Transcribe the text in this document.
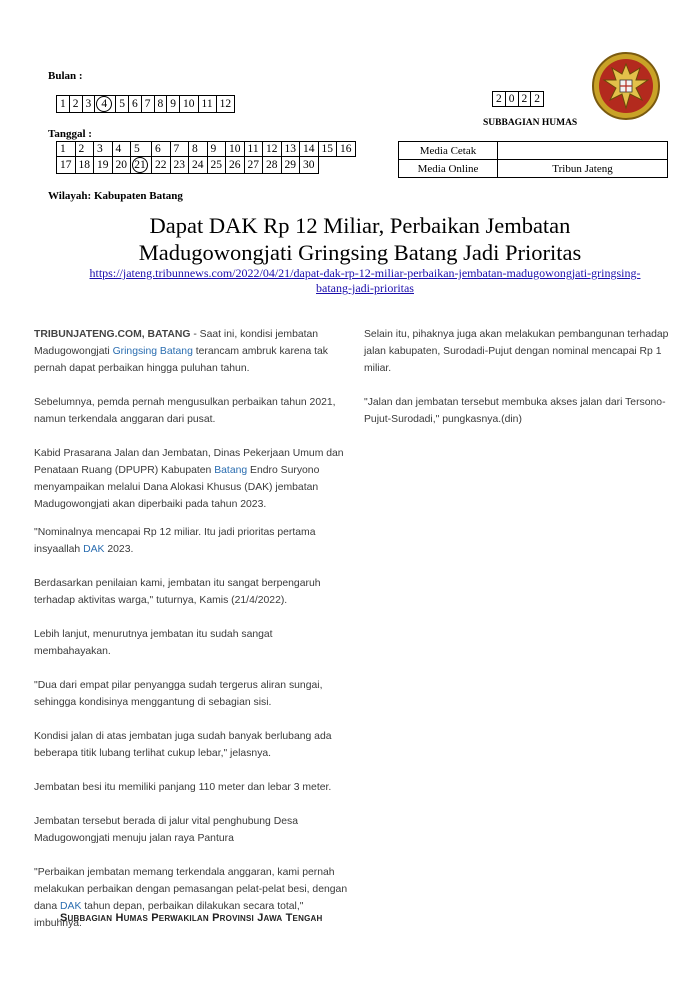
Bulan :
1	2	3	4	5	6	7	8	9	10	11	12	2	0	2	2
SUBBAGIAN HUMAS
Tanggal :
1	2	3	4	5	6	7	8	9	10	11	12	13	14	15	16
17	18	19	20	21	22	23	24	25	26	27	28	29	30		
Media Cetak	
Media Online	Tribun Jateng
Wilayah: Kabupaten Batang
Dapat DAK Rp 12 Miliar, Perbaikan Jembatan
Madugowongjati Gringsing Batang Jadi Prioritas
https://jateng.tribunnews.com/2022/04/21/dapat-dak-rp-12-miliar-perbaikan-jembatan-madugowongjati-gringsing-
batang-jadi-prioritas

TRIBUNJATENG.COM, BATANG - Saat ini, kondisi jembatan Madugowongjati Gringsing Batang terancam ambruk karena tak pernah dapat perbaikan hingga puluhan tahun.

Sebelumnya, pemda pernah mengusulkan perbaikan tahun 2021, namun terkendala anggaran dari pusat.

Kabid Prasarana Jalan dan Jembatan, Dinas Pekerjaan Umum dan Penataan Ruang (DPUPR) Kabupaten Batang Endro Suryono menyampaikan melalui Dana Alokasi Khusus (DAK) jembatan Madugowongjati akan diperbaiki pada tahun 2023.

"Nominalnya mencapai Rp 12 miliar. Itu jadi prioritas pertama insyaallah DAK 2023.

Berdasarkan penilaian kami, jembatan itu sangat berpengaruh terhadap aktivitas warga," tuturnya, Kamis (21/4/2022).

Lebih lanjut, menurutnya jembatan itu sudah sangat membahayakan.

"Dua dari empat pilar penyangga sudah tergerus aliran sungai, sehingga kondisinya menggantung di sebagian sisi.

Kondisi jalan di atas jembatan juga sudah banyak berlubang ada beberapa titik lubang terlihat cukup lebar," jelasnya.

Jembatan besi itu memiliki panjang 110 meter dan lebar 3 meter.

Jembatan tersebut berada di jalur vital penghubung Desa Madugowongjati menuju jalan raya Pantura

"Perbaikan jembatan memang terkendala anggaran, kami pernah melakukan perbaikan dengan pemasangan pelat-pelat besi, dengan dana DAK tahun depan, perbaikan dilakukan secara total," imbuhnya.

Selain itu, pihaknya juga akan melakukan pembangunan terhadap jalan kabupaten, Surodadi-Pujut dengan nominal mencapai Rp 1 miliar.

"Jalan dan jembatan tersebut membuka akses jalan dari Tersono-Pujut-Surodadi," pungkasnya.(din)

Subbagian Humas Perwakilan Provinsi Jawa Tengah
